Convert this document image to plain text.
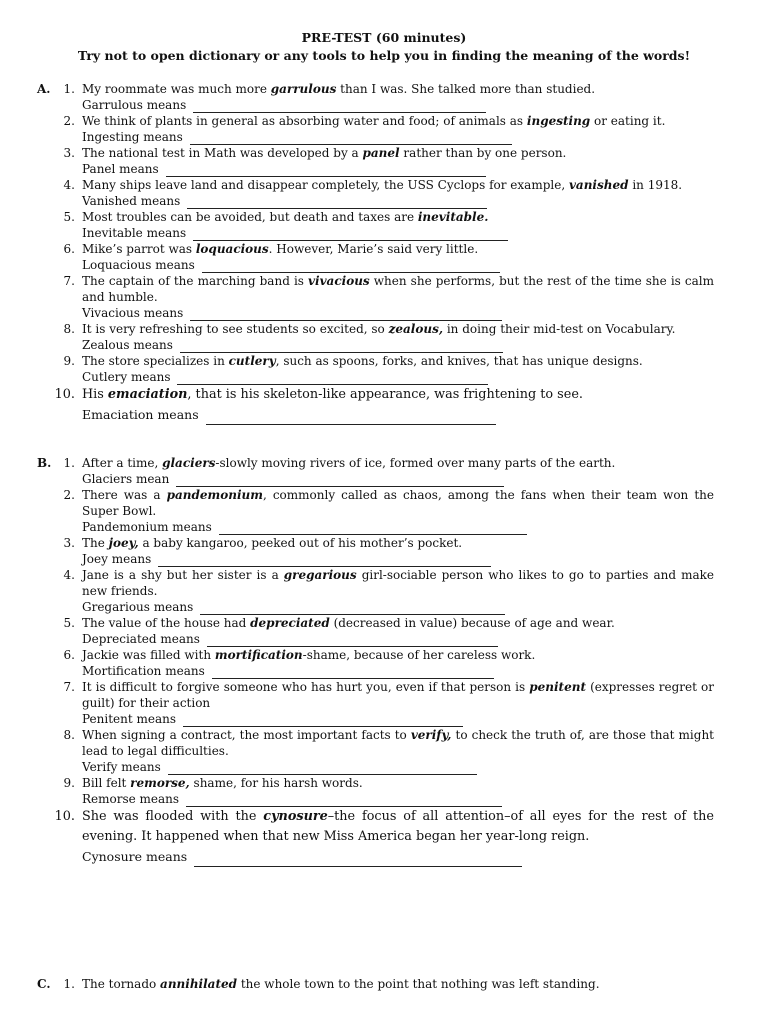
PRE-TEST (60 minutes)
Try not to open dictionary or any tools to help you in finding the meaning of the words!
A.	1. My roommate was much more garrulous than I was. She talked more than studied.
Garrulous means
2. We think of plants in general as absorbing water and food; of animals as ingesting or eating it.
Ingesting means
3. The national test in Math was developed by a panel rather than by one person.
Panel means
4. Many ships leave land and disappear completely, the USS Cyclops for example, vanished in 1918.
Vanished means
5. Most troubles can be avoided, but death and taxes are inevitable.
Inevitable means
6. Mike’s parrot was loquacious. However, Marie’s said very little.
Loquacious means
7. The captain of the marching band is vivacious when she performs, but the rest of the time she is calm and humble.
Vivacious means
8. It is very refreshing to see students so excited, so zealous, in doing their mid-test on Vocabulary.
Zealous means
9. The store specializes in cutlery, such as spoons, forks, and knives, that has unique designs.
Cutlery means
10. His emaciation, that is his skeleton-like appearance, was frightening to see.
Emaciation means
B.	1. After a time, glaciers-slowly moving rivers of ice, formed over many parts of the earth.
Glaciers mean
2. There was a pandemonium, commonly called as chaos, among the fans when their team won the Super Bowl.
Pandemonium means
3. The joey, a baby kangaroo, peeked out of his mother’s pocket.
Joey means
4. Jane is a shy but her sister is a gregarious girl-sociable person who likes to go to parties and make new friends.
Gregarious means
5. The value of the house had depreciated (decreased in value) because of age and wear.
Depreciated means
6. Jackie was filled with mortification-shame, because of her careless work.
Mortification means
7. It is difficult to forgive someone who has hurt you, even if that person is penitent (expresses regret or guilt) for their action
Penitent means
8. When signing a contract, the most important facts to verify, to check the truth of, are those that might lead to legal difficulties.
Verify means
9. Bill felt remorse, shame, for his harsh words.
Remorse means
10. She was flooded with the cynosure–the focus of all attention–of all eyes for the rest of the evening. It happened when that new Miss America began her year-long reign.
Cynosure means
C.	1. The tornado annihilated the whole town to the point that nothing was left standing.
